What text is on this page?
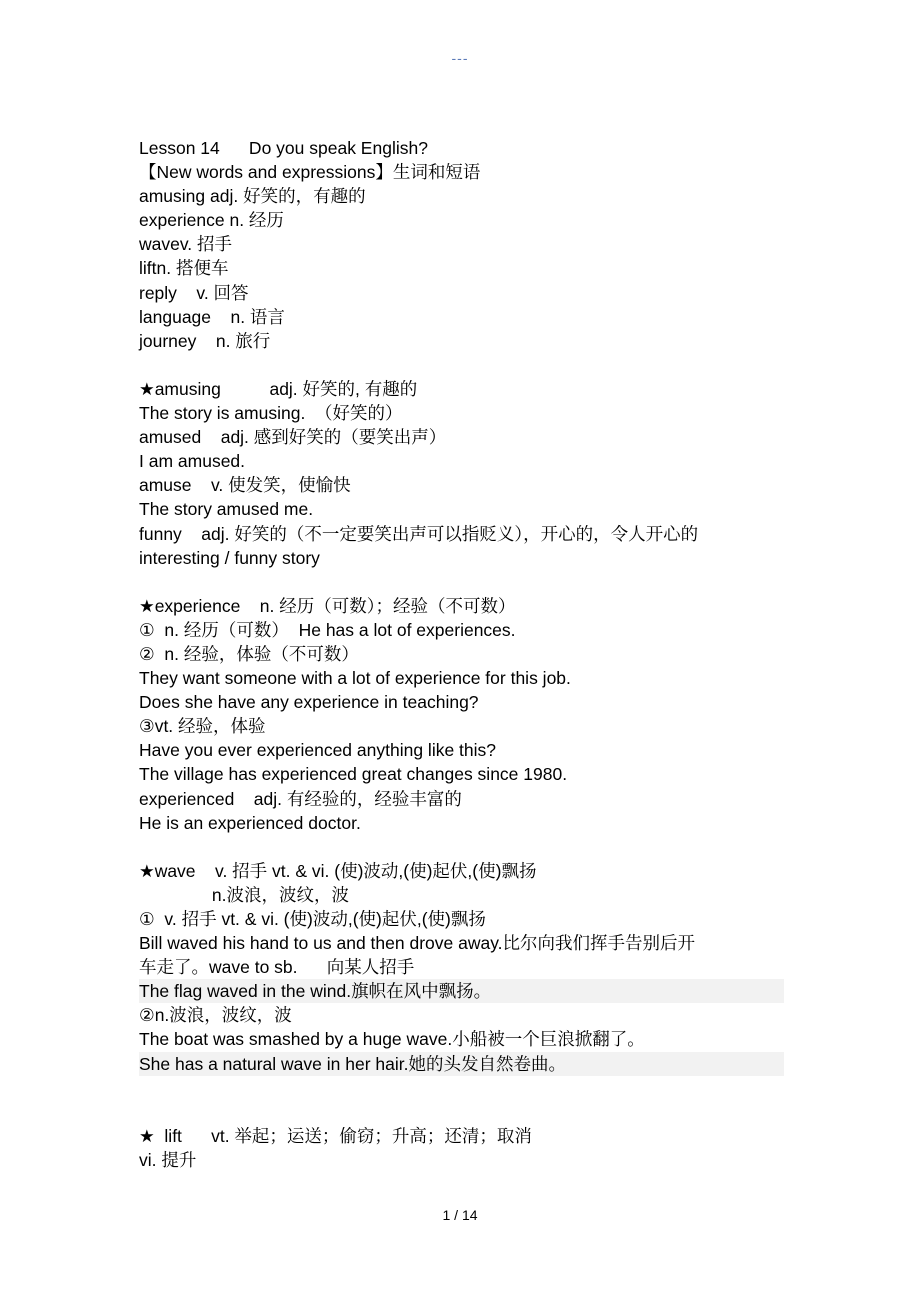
---
Lesson 14      Do you speak English?
【New words and expressions】生词和短语
amusing adj. 好笑的，有趣的
experience n. 经历
wavev. 招手
liftn. 搭便车
reply    v. 回答
language    n. 语言
journey    n. 旅行
★amusing          adj. 好笑的, 有趣的
The story is amusing.  （好笑的）
amused    adj. 感到好笑的（要笑出声）
I am amused.
amuse    v. 使发笑，使愉快
The story amused me.
funny    adj. 好笑的（不一定要笑出声可以指贬义），开心的，令人开心的
interesting / funny story
★experience    n. 经历（可数）；经验（不可数）
①  n. 经历（可数）  He has a lot of experiences.
②  n. 经验，体验（不可数）
They want someone with a lot of experience for this job.
Does she have any experience in teaching?
③vt. 经验，体验
Have you ever experienced anything like this?
The village has experienced great changes since 1980.
experienced    adj. 有经验的，经验丰富的
He is an experienced doctor.
★wave    v. 招手 vt. & vi. (使)波动,(使)起伏,(使)飘扬
n.波浪，波纹，波
①  v. 招手 vt. & vi. (使)波动,(使)起伏,(使)飘扬
Bill waved his hand to us and then drove away.比尔向我们挥手告别后开
车走了。wave to sb.      向某人招手
The flag waved in the wind.旗帜在风中飘扬。
②n.波浪，波纹，波
The boat was smashed by a huge wave.小船被一个巨浪掀翻了。
She has a natural wave in her hair.她的头发自然卷曲。
★  lift      vt. 举起；运送；偷窃；升高；还清；取消
vi. 提升
1 / 14
